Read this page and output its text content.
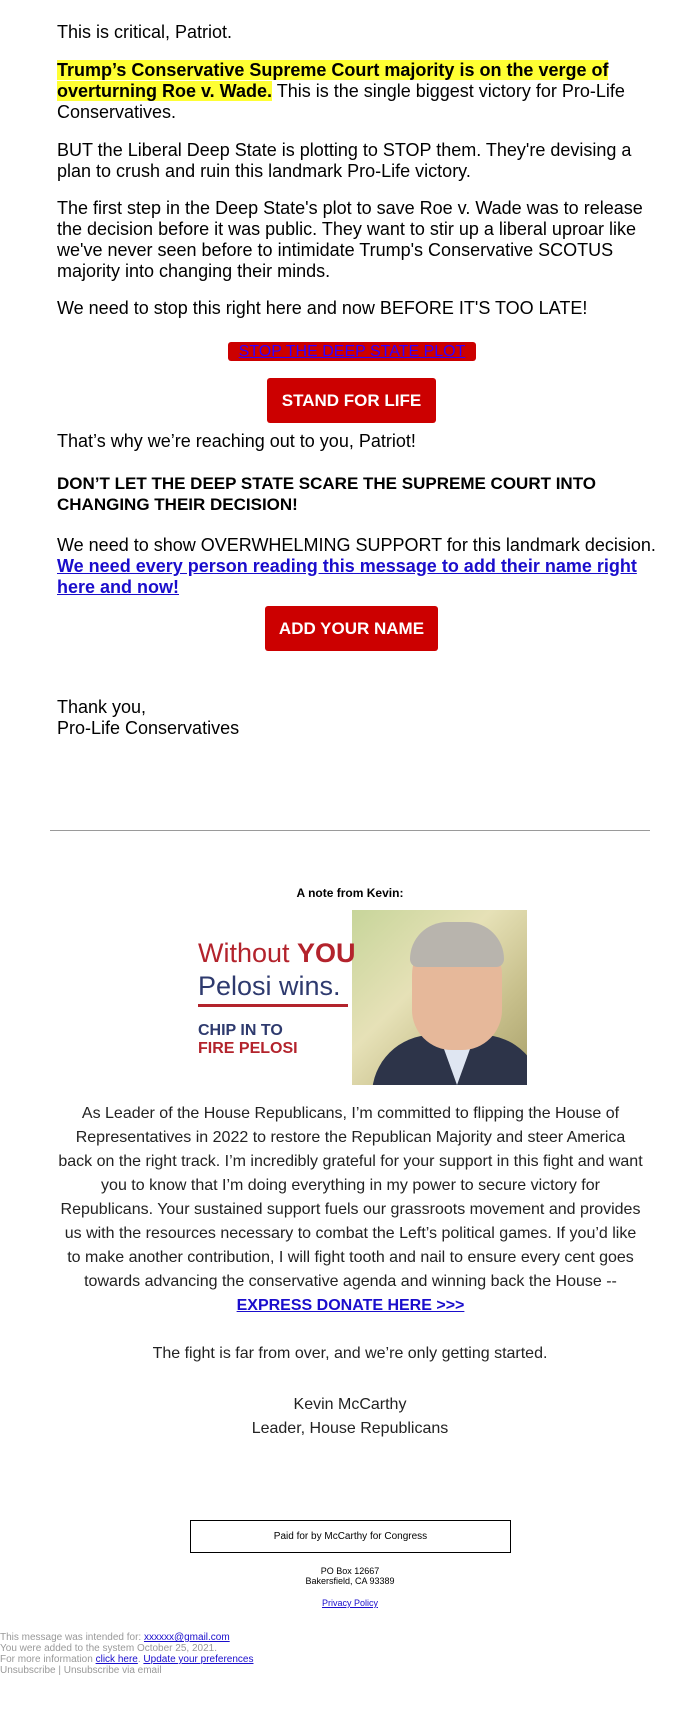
This is critical, Patriot.

Trump’s Conservative Supreme Court majority is on the verge of overturning Roe v. Wade. This is the single biggest victory for Pro-Life Conservatives.

BUT the Liberal Deep State is plotting to STOP them. They're devising a plan to crush and ruin this landmark Pro-Life victory.

The first step in the Deep State's plot to save Roe v. Wade was to release the decision before it was public. They want to stir up a liberal uproar like we've never seen before to intimidate Trump's Conservative SCOTUS majority into changing their minds.

We need to stop this right here and now BEFORE IT'S TOO LATE!

STOP THE DEEP STATE PLOT
STAND FOR LIFE

That’s why we’re reaching out to you, Patriot!

DON’T LET THE DEEP STATE SCARE THE SUPREME COURT INTO CHANGING THEIR DECISION!

We need to show OVERWHELMING SUPPORT for this landmark decision. We need every person reading this message to add their name right here and now!

ADD YOUR NAME

Thank you,
Pro-Life Conservatives

A note from Kevin:
Without YOU
Pelosi wins.
CHIP IN TO
FIRE PELOSI
As Leader of the House Republicans, I’m committed to flipping the House of Representatives in 2022 to restore the Republican Majority and steer America back on the right track. I’m incredibly grateful for your support in this fight and want you to know that I’m doing everything in my power to secure victory for Republicans. Your sustained support fuels our grassroots movement and provides us with the resources necessary to combat the Left’s political games. If you’d like to make another contribution, I will fight tooth and nail to ensure every cent goes towards advancing the conservative agenda and winning back the House --
EXPRESS DONATE HERE >>>
The fight is far from over, and we’re only getting started.
Kevin McCarthy
Leader, House Republicans
Paid for by McCarthy for Congress
PO Box 12667
Bakersfield, CA 93389
Privacy Policy
This message was intended for: xxxxxx@gmail.com
You were added to the system October 25, 2021.
For more information click here. Update your preferences
Unsubscribe | Unsubscribe via email
